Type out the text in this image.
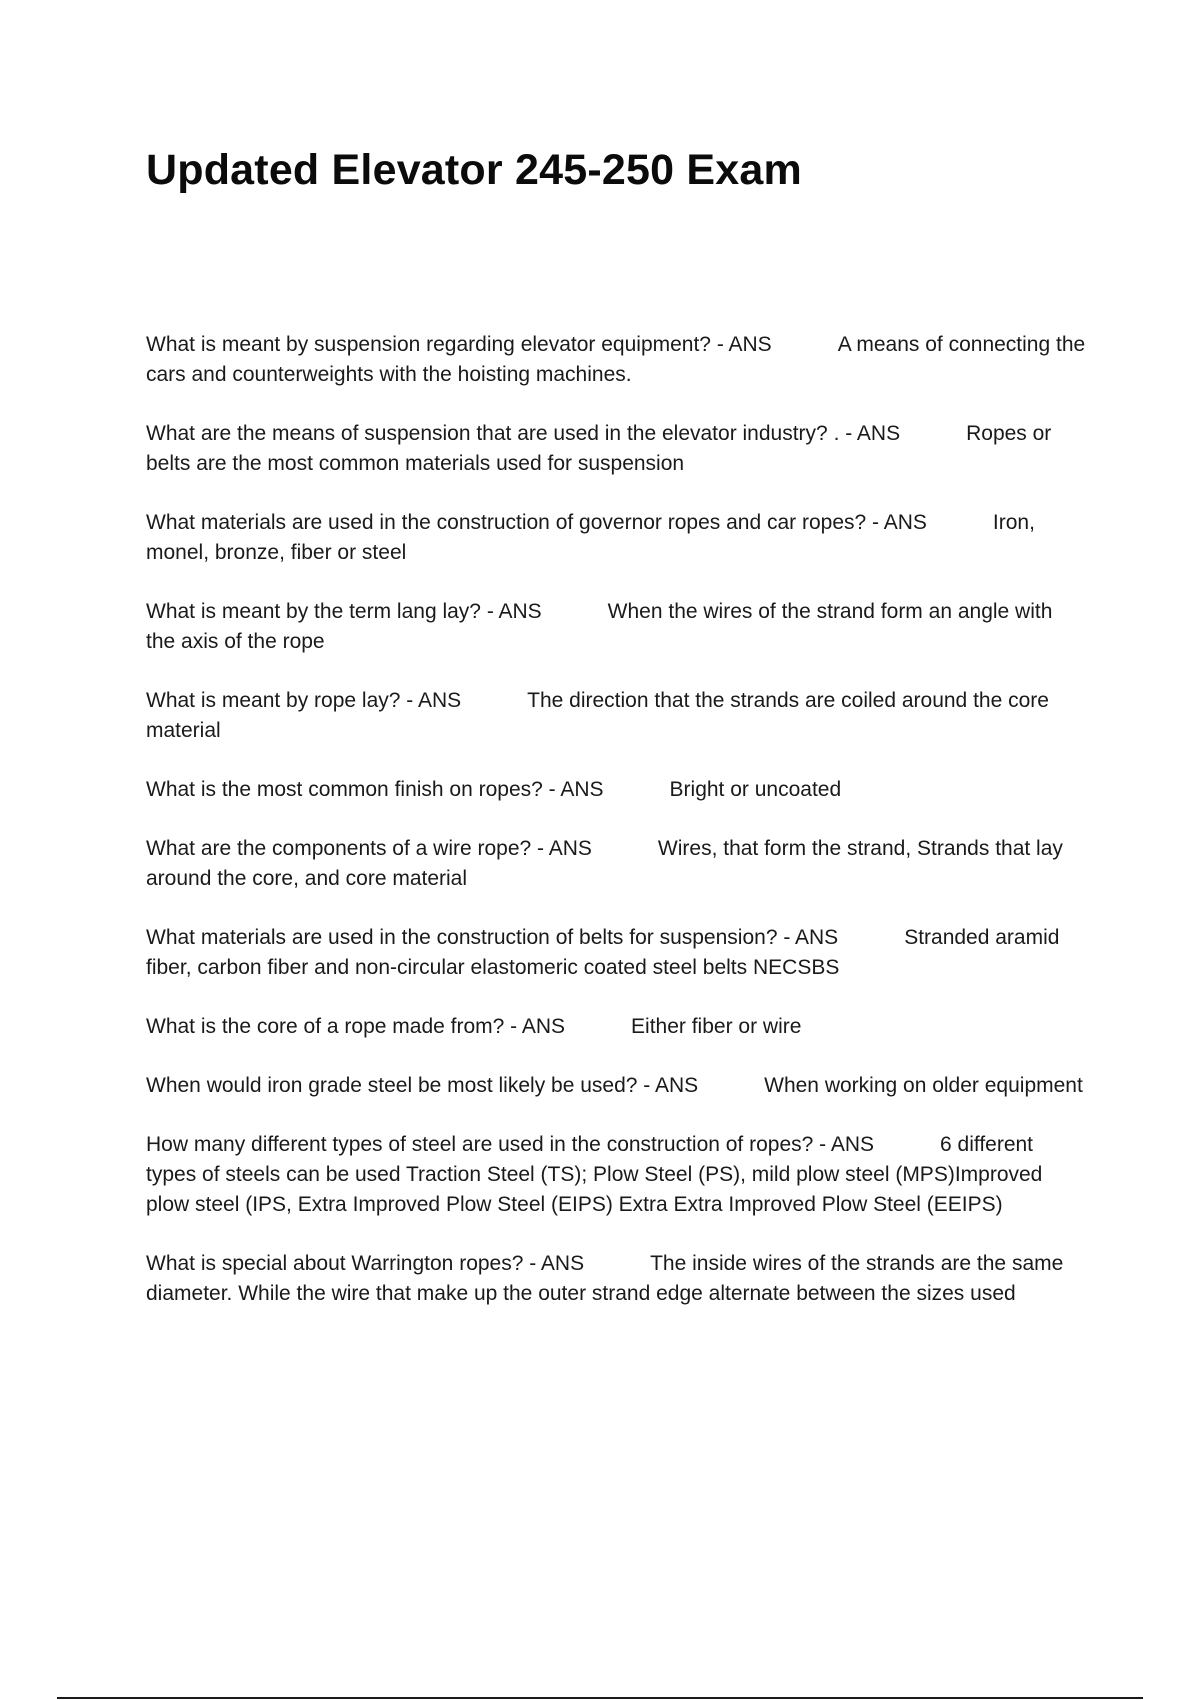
Updated Elevator 245-250 Exam

What is meant by suspension regarding elevator equipment? - ANS	A means of connecting the cars and counterweights with the hoisting machines.

What are the means of suspension that are used in the elevator industry? . - ANS	Ropes or belts are the most common materials used for suspension

What materials are used in the construction of governor ropes and car ropes? - ANS	Iron, monel, bronze, fiber or steel

What is meant by the term lang lay? - ANS	When the wires of the strand form an angle with the axis of the rope

What is meant by rope lay? - ANS	The direction that the strands are coiled around the core material

What is the most common finish on ropes? - ANS	Bright or uncoated

What are the components of a wire rope? - ANS	Wires, that form the strand, Strands that lay around the core, and core material

What materials are used in the construction of belts for suspension? - ANS	Stranded aramid fiber, carbon fiber and non-circular elastomeric coated steel belts NECSBS

What is the core of a rope made from? - ANS	Either fiber or wire

When would iron grade steel be most likely be used? - ANS	When working on older equipment

How many different types of steel are used in the construction of ropes? - ANS	6 different types of steels can be used Traction Steel (TS); Plow Steel (PS), mild plow steel (MPS)Improved plow steel (IPS, Extra Improved Plow Steel (EIPS) Extra Extra Improved Plow Steel (EEIPS)

What is special about Warrington ropes? - ANS	The inside wires of the strands are the same diameter. While the wire that make up the outer strand edge alternate between the sizes used
